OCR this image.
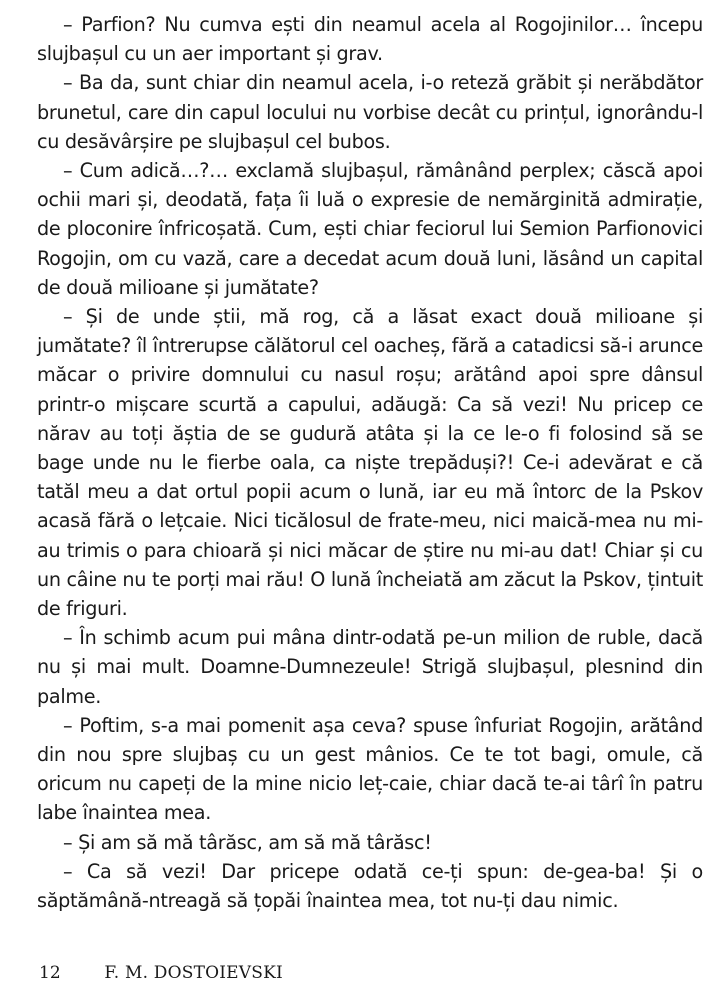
– Parfion? Nu cumva ești din neamul acela al Rogojinilor… începu slujbașul cu un aer important și grav.

– Ba da, sunt chiar din neamul acela, i-o reteză grăbit și nerăbdător brunetul, care din capul locului nu vorbise decât cu prințul, ignorându-l cu desăvârșire pe slujbașul cel bubos.

– Cum adică…?… exclamă slujbașul, rămânând perplex; căscă apoi ochii mari și, deodată, fața îi luă o expresie de nemărginită admirație, de ploconire înfricoșată. Cum, ești chiar feciorul lui Semion Parfionovici Rogojin, om cu vază, care a decedat acum două luni, lăsând un capital de două milioane și jumătate?

– Și de unde știi, mă rog, că a lăsat exact două milioane și jumătate? îl întrerupse călătorul cel oacheș, fără a catadicsi să-i arunce măcar o privire domnului cu nasul roșu; arătând apoi spre dânsul printr-o mișcare scurtă a capului, adăugă: Ca să vezi! Nu pricep ce nărav au toți ăștia de se gudură atâta și la ce le-o fi folosind să se bage unde nu le fierbe oala, ca niște trepăduși?! Ce-i adevărat e că tatăl meu a dat ortul popii acum o lună, iar eu mă întorc de la Pskov acasă fără o lețcaie. Nici ticălosul de frate-meu, nici maică-mea nu mi-au trimis o para chioară și nici măcar de știre nu mi-au dat! Chiar și cu un câine nu te porți mai rău! O lună încheiată am zăcut la Pskov, țintuit de friguri.

– În schimb acum pui mâna dintr-odată pe-un milion de ruble, dacă nu și mai mult. Doamne-Dumnezeule! Strigă slujbașul, plesnind din palme.

– Poftim, s-a mai pomenit așa ceva? spuse înfuriat Rogojin, arătând din nou spre slujbaș cu un gest mânios. Ce te tot bagi, omule, că oricum nu capeți de la mine nicio leț-caie, chiar dacă te-ai târî în patru labe înaintea mea.

– Și am să mă târăsc, am să mă târăsc!

– Ca să vezi! Dar pricepe odată ce-ți spun: de-gea-ba! Și o săptămână-ntreagă să țopăi înaintea mea, tot nu-ți dau nimic.

12	F. M. DOSTOIEVSKI
